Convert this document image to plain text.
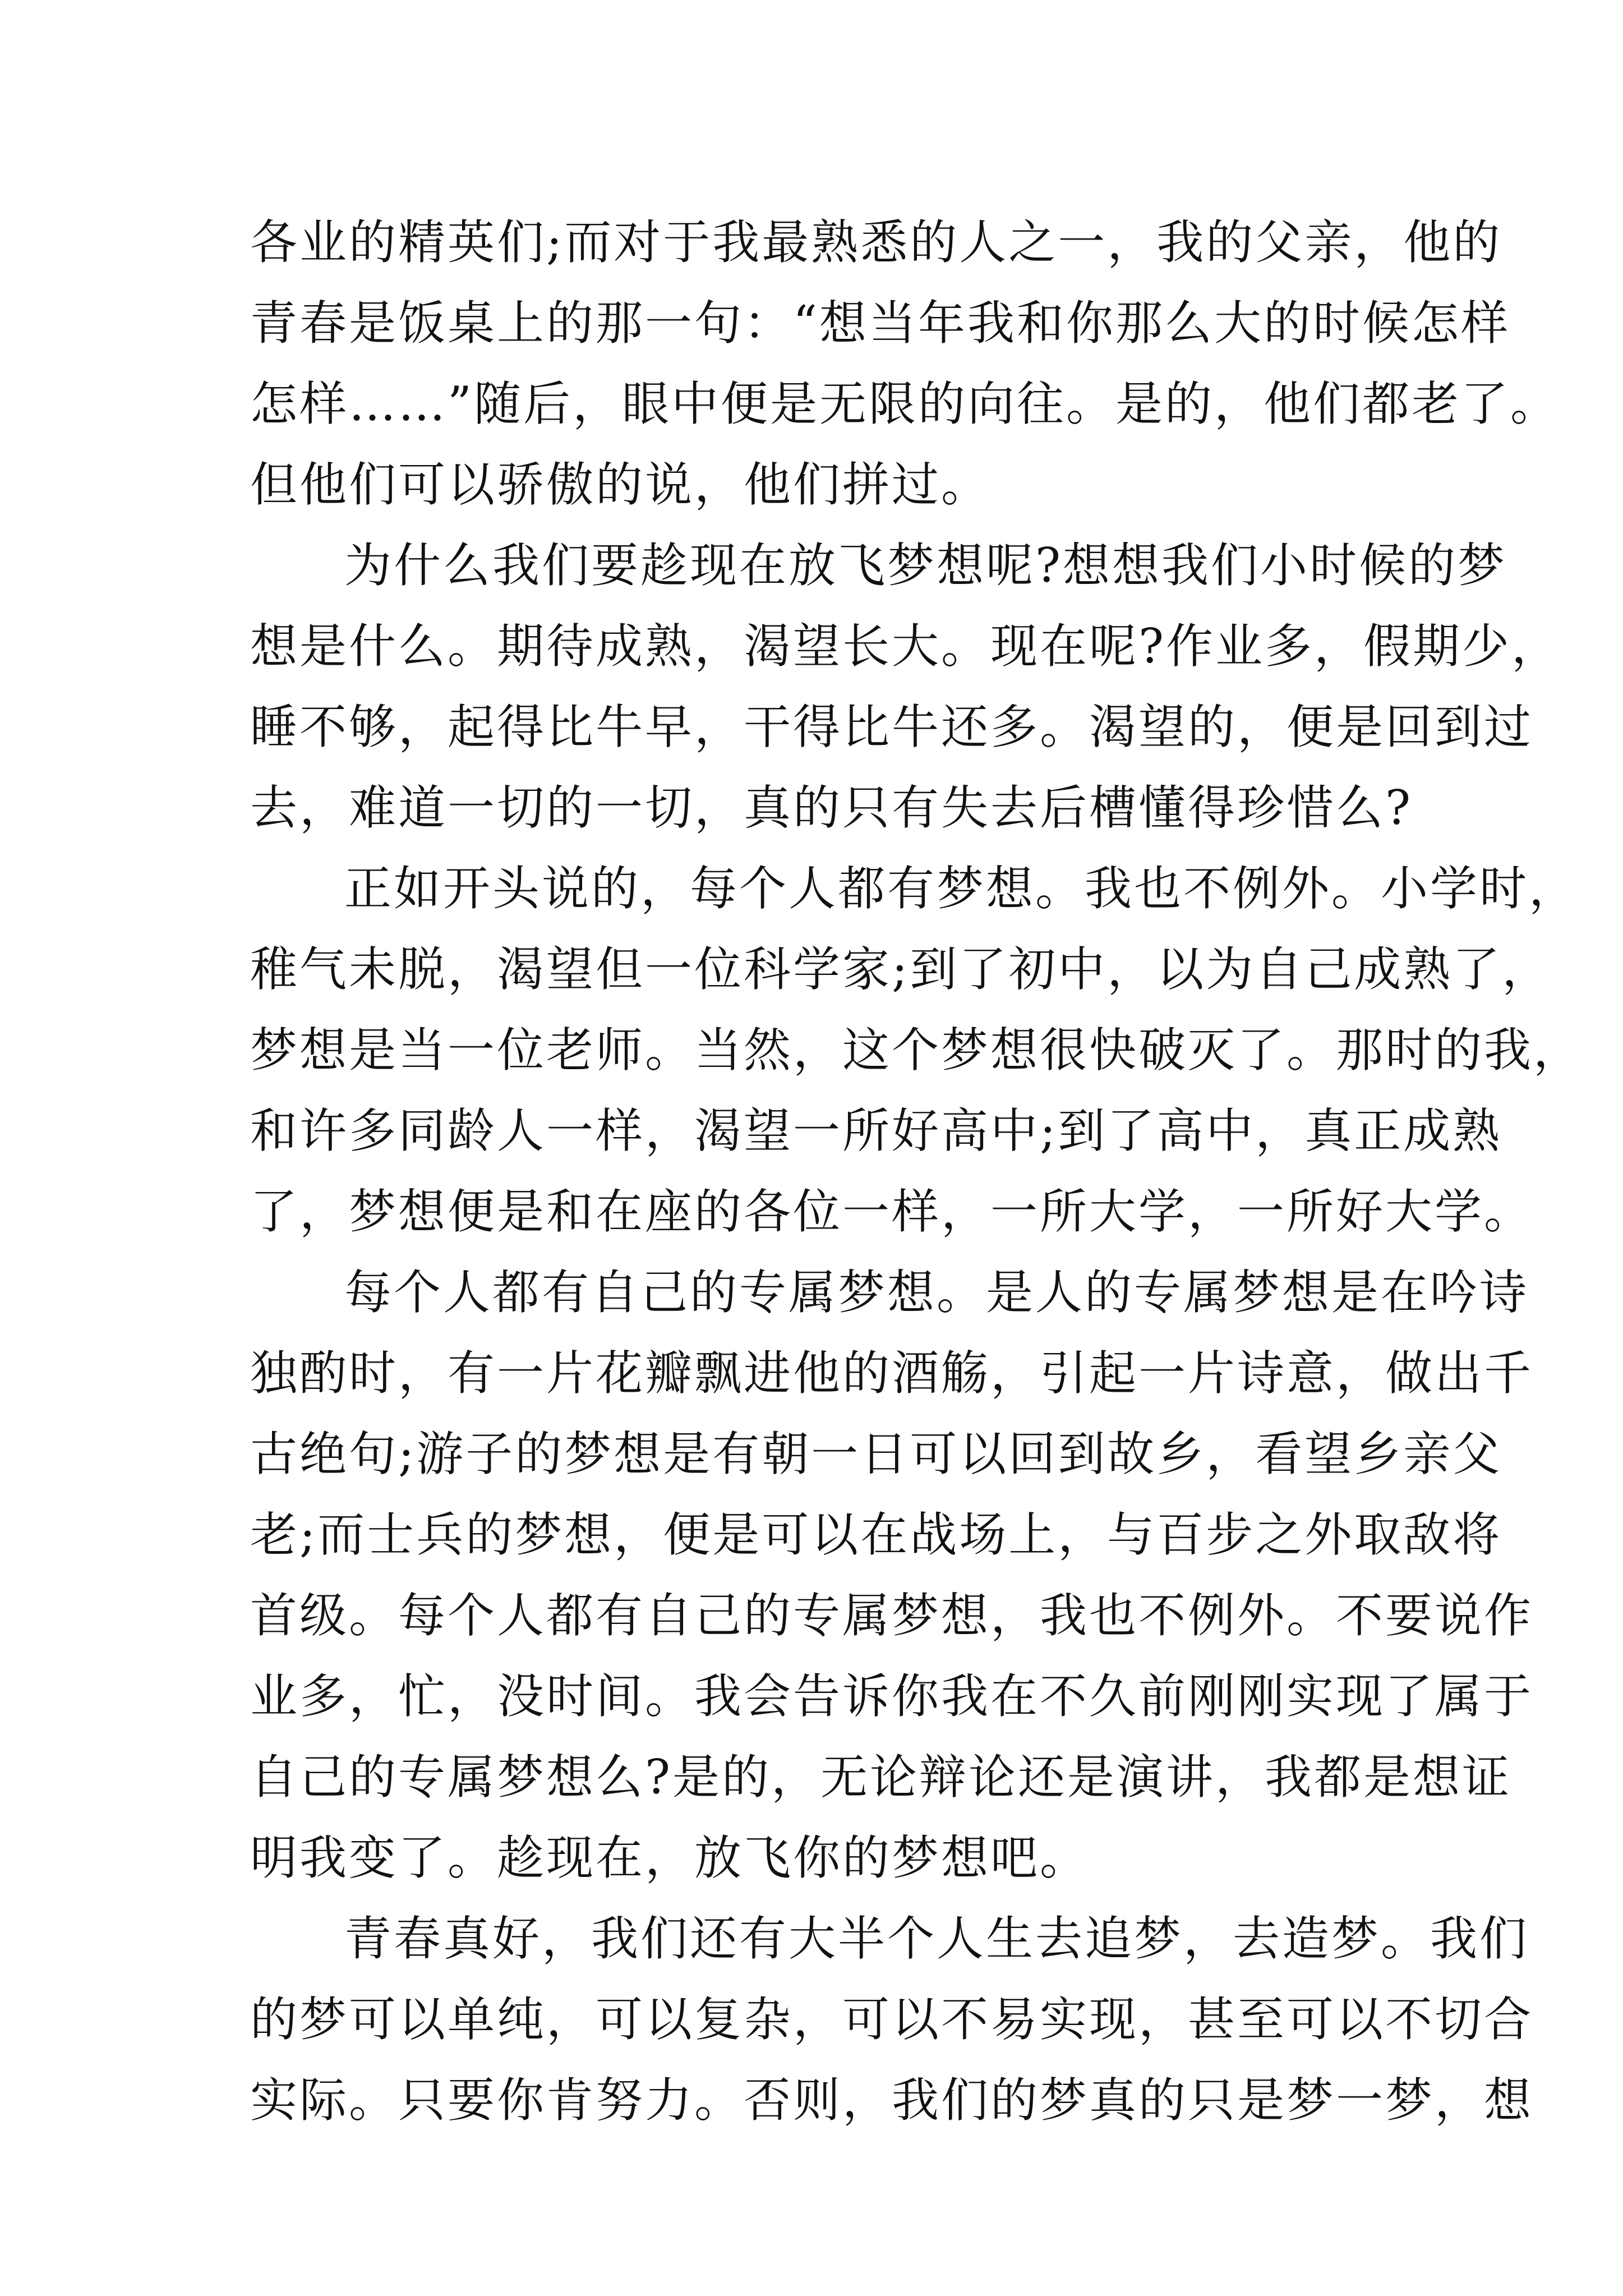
各业的精英们;而对于我最熟悉的人之一，我的父亲，他的
青春是饭桌上的那一句：“想当年我和你那么大的时候怎样
怎样……”随后，眼中便是无限的向往。是的，他们都老了。
但他们可以骄傲的说，他们拼过。
为什么我们要趁现在放飞梦想呢?想想我们小时候的梦
想是什么。期待成熟，渴望长大。现在呢?作业多，假期少，
睡不够，起得比牛早，干得比牛还多。渴望的，便是回到过
去，难道一切的一切，真的只有失去后槽懂得珍惜么?
正如开头说的，每个人都有梦想。我也不例外。小学时，
稚气未脱，渴望但一位科学家;到了初中，以为自己成熟了，
梦想是当一位老师。当然，这个梦想很快破灭了。那时的我，
和许多同龄人一样，渴望一所好高中;到了高中，真正成熟
了，梦想便是和在座的各位一样，一所大学，一所好大学。
每个人都有自己的专属梦想。是人的专属梦想是在吟诗
独酌时，有一片花瓣飘进他的酒觞，引起一片诗意，做出千
古绝句;游子的梦想是有朝一日可以回到故乡，看望乡亲父
老;而士兵的梦想，便是可以在战场上，与百步之外取敌将
首级。每个人都有自己的专属梦想，我也不例外。不要说作
业多，忙，没时间。我会告诉你我在不久前刚刚实现了属于
自己的专属梦想么?是的，无论辩论还是演讲，我都是想证
明我变了。趁现在，放飞你的梦想吧。
青春真好，我们还有大半个人生去追梦，去造梦。我们
的梦可以单纯，可以复杂，可以不易实现，甚至可以不切合
实际。只要你肯努力。否则，我们的梦真的只是梦一梦，想
